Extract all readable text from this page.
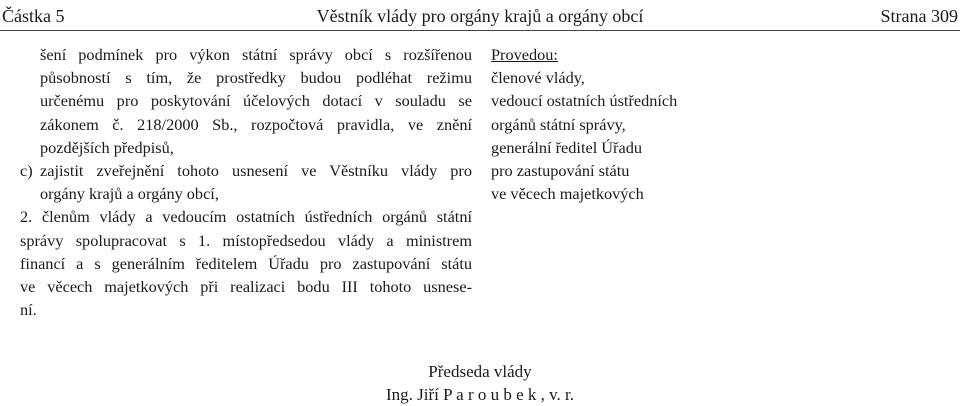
Částka 5	Věstník vlády pro orgány krajů a orgány obcí	Strana 309
šení podmínek pro výkon státní správy obcí s rozšířenou
působností s tím, že prostředky budou podléhat režimu
určenému pro poskytování účelových dotací v souladu se
zákonem č. 218/2000 Sb., rozpočtová pravidla, ve znění
pozdějších předpisů,
c) zajistit zveřejnění tohoto usnesení ve Věstníku vlády pro
orgány krajů a orgány obcí,
2. členům vlády a vedoucím ostatních ústředních orgánů státní
správy spolupracovat s 1. místopředsedou vlády a ministrem
financí a s generálním ředitelem Úřadu pro zastupování státu
ve věcech majetkových při realizaci bodu III tohoto usnese-
ní.
Provedou:
členové vlády,
vedoucí ostatních ústředních
orgánů státní správy,
generální ředitel Úřadu
pro zastupování státu
ve věcech majetkových
Předseda vlády
Ing. Jiří P a r o u b e k , v. r.
